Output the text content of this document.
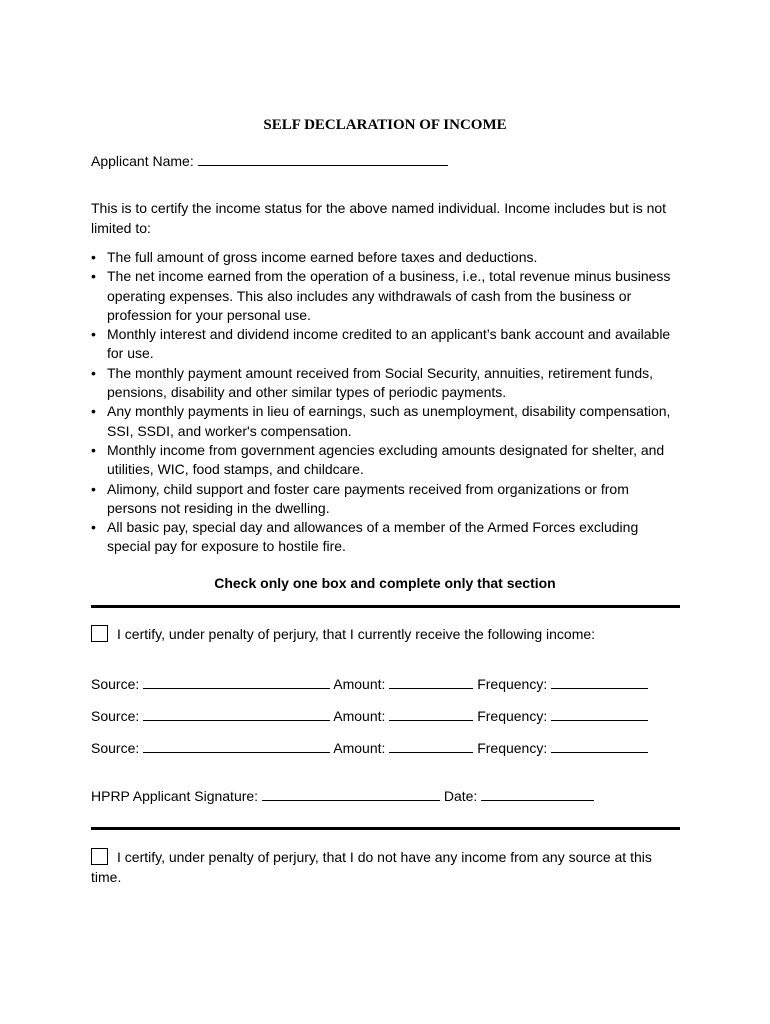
SELF DECLARATION OF INCOME
Applicant Name:
This is to certify the income status for the above named individual. Income includes but is not limited to:
• The full amount of gross income earned before taxes and deductions.
• The net income earned from the operation of a business, i.e., total revenue minus business operating expenses. This also includes any withdrawals of cash from the business or profession for your personal use.
• Monthly interest and dividend income credited to an applicant’s bank account and available for use.
• The monthly payment amount received from Social Security, annuities, retirement funds, pensions, disability and other similar types of periodic payments.
• Any monthly payments in lieu of earnings, such as unemployment, disability compensation, SSI, SSDI, and worker's compensation.
• Monthly income from government agencies excluding amounts designated for shelter, and utilities, WIC, food stamps, and childcare.
• Alimony, child support and foster care payments received from organizations or from persons not residing in the dwelling.
• All basic pay, special day and allowances of a member of the Armed Forces excluding special pay for exposure to hostile fire.
Check only one box and complete only that section
I certify, under penalty of perjury, that I currently receive the following income:
Source:	Amount:	Frequency:
Source:	Amount:	Frequency:
Source:	Amount:	Frequency:
HPRP Applicant Signature:	Date:
I certify, under penalty of perjury, that I do not have any income from any source at this time.
